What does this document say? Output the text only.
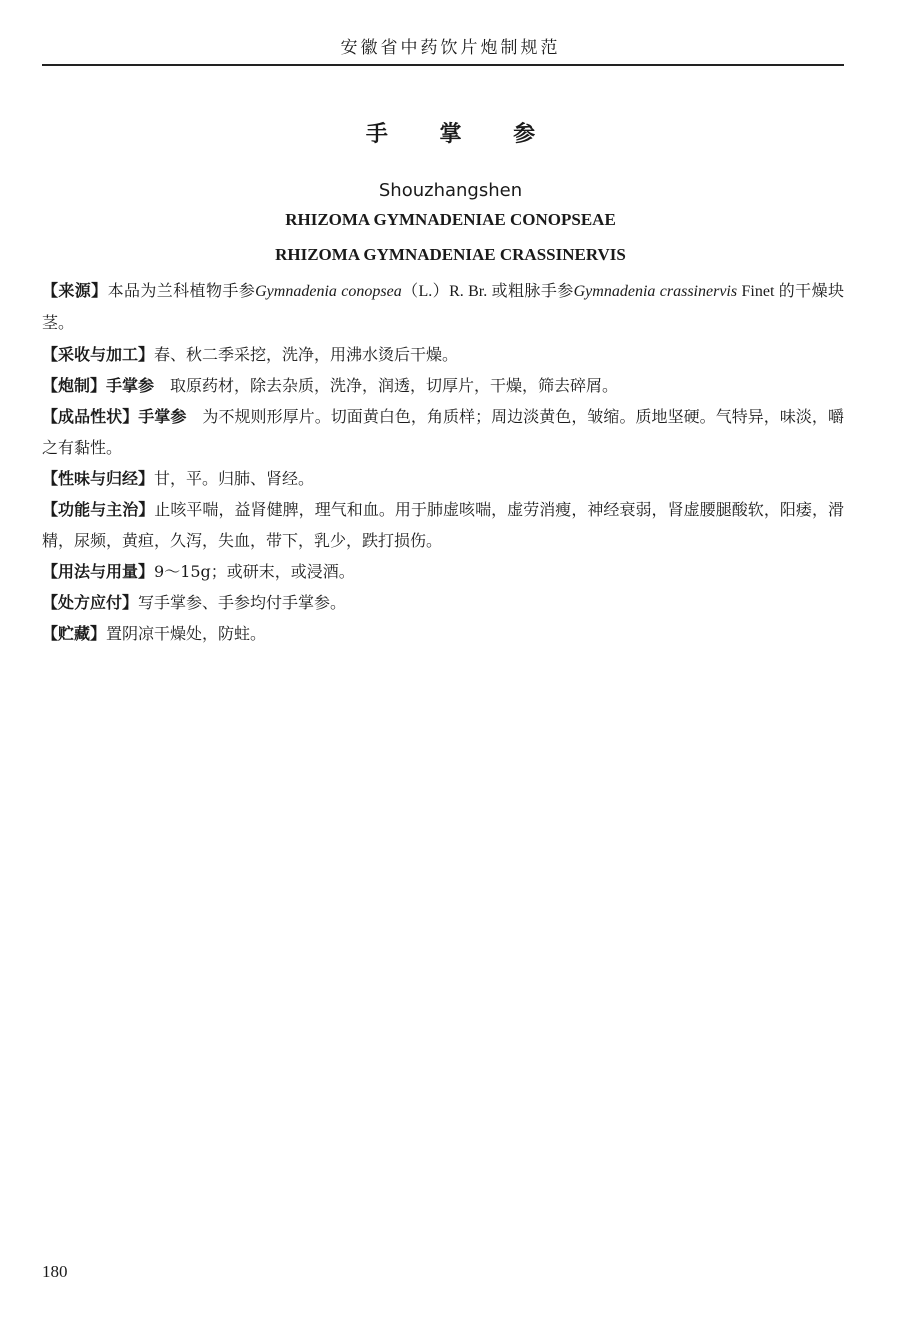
安徽省中药饮片炮制规范
手 掌 参
Shouzhangshen
RHIZOMA GYMNADENIAE CONOPSEAE
RHIZOMA GYMNADENIAE CRASSINERVIS

【来源】本品为兰科植物手参Gymnadenia conopsea（L.）R. Br. 或粗脉手参Gymnadenia crassinervis Finet 的干燥块茎。

【采收与加工】春、秋二季采挖，洗净，用沸水烫后干燥。

【炮制】手掌参　取原药材，除去杂质，洗净，润透，切厚片，干燥，筛去碎屑。

【成品性状】手掌参　为不规则形厚片。切面黄白色，角质样；周边淡黄色，皱缩。质地坚硬。气特异，味淡，嚼之有黏性。

【性味与归经】甘，平。归肺、肾经。

【功能与主治】止咳平喘，益肾健脾，理气和血。用于肺虚咳喘，虚劳消瘦，神经衰弱，肾虚腰腿酸软，阳痿，滑精，尿频，黄疸，久泻，失血，带下，乳少，跌打损伤。

【用法与用量】9～15g；或研末，或浸酒。

【处方应付】写手掌参、手参均付手掌参。

【贮藏】置阴凉干燥处，防蛀。

180
